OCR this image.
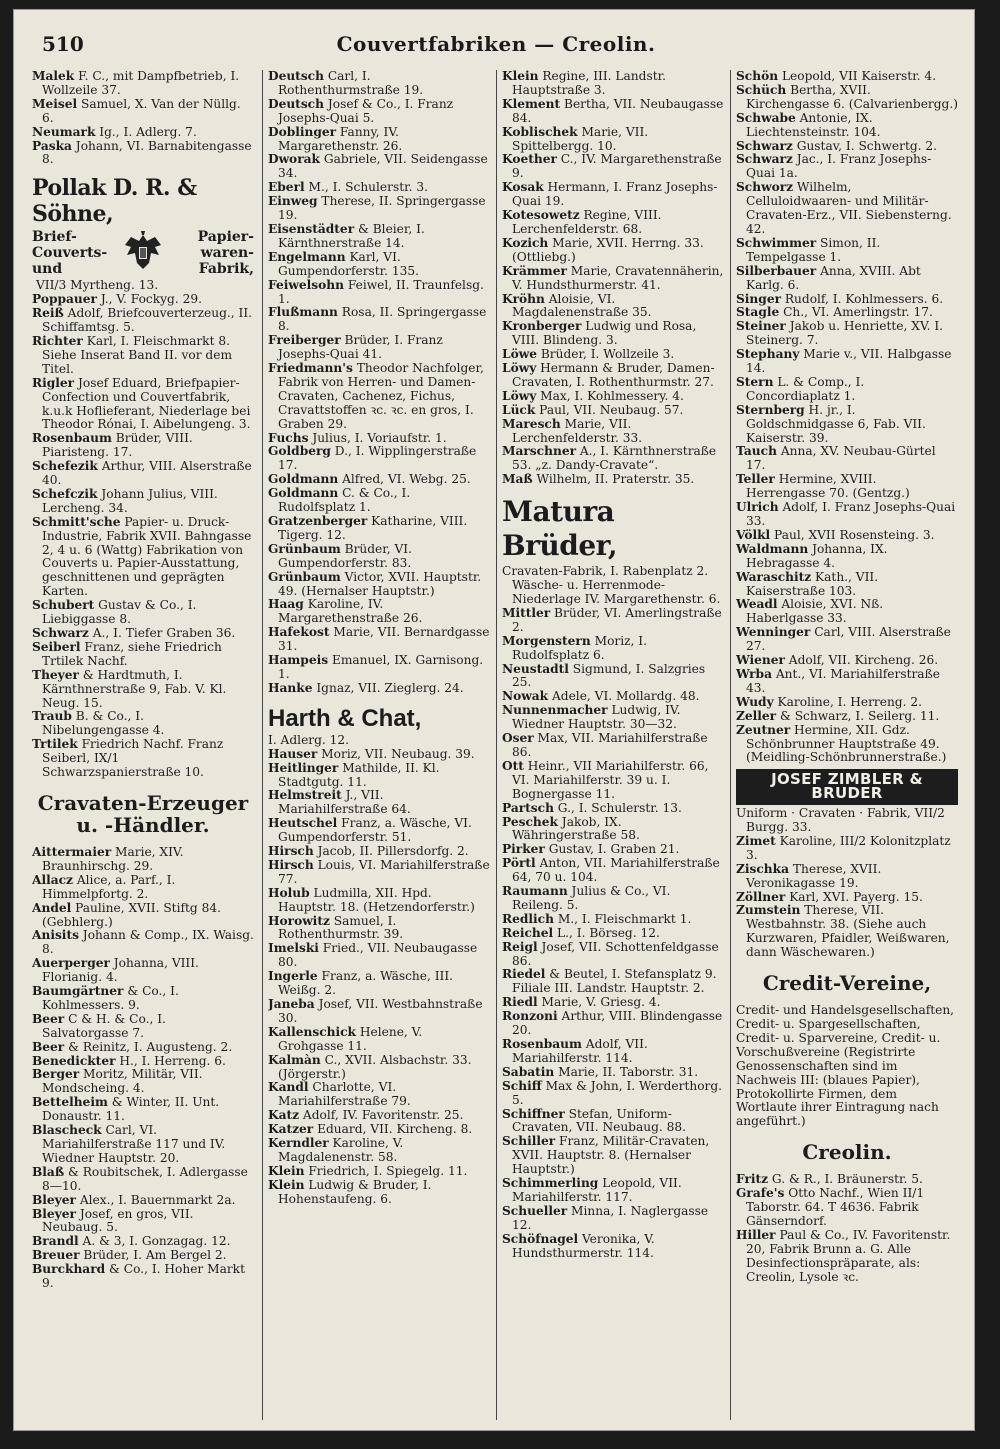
510	Couvertfabriken — Creolin.
Malek F. C., mit Dampfbetrieb, I. Wollzeile 37.
Meisel Samuel, X. Van der Nüllg. 6.
Neumark Ig., I. Adlerg. 7.
Paska Johann, VI. Barnabitengasse 8.
Pollak D. R. & Söhne,
Brief-
Couverts-
und
Papier-
waren-
Fabrik,
VII/3 Myrtheng. 13.
Poppauer J., V. Fockyg. 29.
Reiß Adolf, Briefcouverterzeug., II. Schiffamtsg. 5.
Richter Karl, I. Fleischmarkt 8. Siehe Inserat Band II. vor dem Titel.
Rigler Josef Eduard, Briefpapier-Confection und Couvertfabrik, k.u.k Hoflieferant, Niederlage bei Theodor Rónai, I. Aibelungeng. 3.
Rosenbaum Brüder, VIII. Piaristeng. 17.
Schefezik Arthur, VIII. Alserstraße 40.
Schefczik Johann Julius, VIII. Lercheng. 34.
Schmitt'sche Papier- u. Druck-Industrie, Fabrik XVII. Bahngasse 2, 4 u. 6 (Wattg) Fabrikation von Couverts u. Papier-Ausstattung, geschnittenen und geprägten Karten.
Schubert Gustav & Co., I. Liebiggasse 8.
Schwarz A., I. Tiefer Graben 36.
Seiberl Franz, siehe Friedrich Trtilek Nachf.
Theyer & Hardtmuth, I. Kärnthnerstraße 9, Fab. V. Kl. Neug. 15.
Traub B. & Co., I. Nibelungengasse 4.
Trtilek Friedrich Nachf. Franz Seiberl, IX/1 Schwarzspanierstraße 10.
Cravaten-Erzeuger u. -Händler.
Aittermaier Marie, XIV. Braunhirschg. 29.
Allacz Alice, a. Parf., I. Himmelpfortg. 2.
Andel Pauline, XVII. Stiftg 84. (Gebhlerg.)
Anisits Johann & Comp., IX. Waisg. 8.
Auerperger Johanna, VIII. Florianig. 4.
Baumgärtner & Co., I. Kohlmessers. 9.
Beer C & H. & Co., I. Salvatorgasse 7.
Beer & Reinitz, I. Augusteng. 2.
Benedickter H., I. Herreng. 6.
Berger Moritz, Militär, VII. Mondscheing. 4.
Bettelheim & Winter, II. Unt. Donaustr. 11.
Blascheck Carl, VI. Mariahilferstraße 117 und IV. Wiedner Hauptstr. 20.
Blaß & Roubitschek, I. Adlergasse 8—10.
Bleyer Alex., I. Bauernmarkt 2a.
Bleyer Josef, en gros, VII. Neubaug. 5.
Brandl A. & 3, I. Gonzagag. 12.
Breuer Brüder, I. Am Bergel 2.
Burckhard & Co., I. Hoher Markt 9.
Deutsch Carl, I. Rothenthurmstraße 19.
Deutsch Josef & Co., I. Franz Josephs-Quai 5.
Doblinger Fanny, IV. Margarethenstr. 26.
Dworak Gabriele, VII. Seidengasse 34.
Eberl M., I. Schulerstr. 3.
Einweg Therese, II. Springergasse 19.
Eisenstädter & Bleier, I. Kärnthnerstraße 14.
Engelmann Karl, VI. Gumpendorferstr. 135.
Feiwelsohn Feiwel, II. Traunfelsg. 1.
Flußmann Rosa, II. Springergasse 8.
Freiberger Brüder, I. Franz Josephs-Quai 41.
Friedmann's Theodor Nachfolger, Fabrik von Herren- und Damen-Cravaten, Cachenez, Fichus, Cravattstoffen ꝛc. ꝛc. en gros, I. Graben 29.
Fuchs Julius, I. Voriaufstr. 1.
Goldberg D., I. Wipplingerstraße 17.
Goldmann Alfred, VI. Webg. 25.
Goldmann C. & Co., I. Rudolfsplatz 1.
Gratzenberger Katharine, VIII. Tigerg. 12.
Grünbaum Brüder, VI. Gumpendorferstr. 83.
Grünbaum Victor, XVII. Hauptstr. 49. (Hernalser Hauptstr.)
Haag Karoline, IV. Margarethenstraße 26.
Hafekost Marie, VII. Bernardgasse 31.
Hampeis Emanuel, IX. Garnisong. 1.
Hanke Ignaz, VII. Zieglerg. 24.
Harth & Chat,
I. Adlerg. 12.
Hauser Moriz, VII. Neubaug. 39.
Heitlinger Mathilde, II. Kl. Stadtgutg. 11.
Helmstreit J., VII. Mariahilferstraße 64.
Heutschel Franz, a. Wäsche, VI. Gumpendorferstr. 51.
Hirsch Jacob, II. Pillersdorfg. 2.
Hirsch Louis, VI. Mariahilferstraße 77.
Holub Ludmilla, XII. Hpd. Hauptstr. 18. (Hetzendorferstr.)
Horowitz Samuel, I. Rothenthurmstr. 39.
Imelski Fried., VII. Neubaugasse 80.
Ingerle Franz, a. Wäsche, III. Weißg. 2.
Janeba Josef, VII. Westbahnstraße 30.
Kallenschick Helene, V. Grohgasse 11.
Kalmàn C., XVII. Alsbachstr. 33. (Jörgerstr.)
Kandl Charlotte, VI. Mariahilferstraße 79.
Katz Adolf, IV. Favoritenstr. 25.
Katzer Eduard, VII. Kircheng. 8.
Kerndler Karoline, V. Magdalenenstr. 58.
Klein Friedrich, I. Spiegelg. 11.
Klein Ludwig & Bruder, I. Hohenstaufeng. 6.
Klein Regine, III. Landstr. Hauptstraße 3.
Klement Bertha, VII. Neubaugasse 84.
Koblischek Marie, VII. Spittelbergg. 10.
Koether C., IV. Margarethenstraße 9.
Kosak Hermann, I. Franz Josephs-Quai 19.
Kotesowetz Regine, VIII. Lerchenfelderstr. 68.
Kozich Marie, XVII. Herrng. 33. (Ottliebg.)
Krämmer Marie, Cravatennäherin, V. Hundsthurmerstr. 41.
Kröhn Aloisie, VI. Magdalenenstraße 35.
Kronberger Ludwig und Rosa, VIII. Blindeng. 3.
Löwe Brüder, I. Wollzeile 3.
Löwy Hermann & Bruder, Damen-Cravaten, I. Rothenthurmstr. 27.
Löwy Max, I. Kohlmessery. 4.
Lück Paul, VII. Neubaug. 57.
Maresch Marie, VII. Lerchenfelderstr. 33.
Marschner A., I. Kärnthnerstraße 53. „z. Dandy-Cravate“.
Maß Wilhelm, II. Praterstr. 35.
Matura Brüder,
Cravaten-Fabrik, I. Rabenplatz 2. Wäsche- u. Herrenmode-Niederlage IV. Margarethenstr. 6.
Mittler Brüder, VI. Amerlingstraße 2.
Morgenstern Moriz, I. Rudolfsplatz 6.
Neustadtl Sigmund, I. Salzgries 25.
Nowak Adele, VI. Mollardg. 48.
Nunnenmacher Ludwig, IV. Wiedner Hauptstr. 30—32.
Oser Max, VII. Mariahilferstraße 86.
Ott Heinr., VII Mariahilferstr. 66, VI. Mariahilferstr. 39 u. I. Bognergasse 11.
Partsch G., I. Schulerstr. 13.
Peschek Jakob, IX. Währingerstraße 58.
Pirker Gustav, I. Graben 21.
Pörtl Anton, VII. Mariahilferstraße 64, 70 u. 104.
Raumann Julius & Co., VI. Reileng. 5.
Redlich M., I. Fleischmarkt 1.
Reichel L., I. Börseg. 12.
Reigl Josef, VII. Schottenfeldgasse 86.
Riedel & Beutel, I. Stefansplatz 9. Filiale III. Landstr. Hauptstr. 2.
Riedl Marie, V. Griesg. 4.
Ronzoni Arthur, VIII. Blindengasse 20.
Rosenbaum Adolf, VII. Mariahilferstr. 114.
Sabatin Marie, II. Taborstr. 31.
Schiff Max & John, I. Werderthorg. 5.
Schiffner Stefan, Uniform-Cravaten, VII. Neubaug. 88.
Schiller Franz, Militär-Cravaten, XVII. Hauptstr. 8. (Hernalser Hauptstr.)
Schimmerling Leopold, VII. Mariahilferstr. 117.
Schueller Minna, I. Naglergasse 12.
Schöfnagel Veronika, V. Hundsthurmerstr. 114.
Schön Leopold, VII Kaiserstr. 4.
Schüch Bertha, XVII. Kirchengasse 6. (Calvarienbergg.)
Schwabe Antonie, IX. Liechtensteinstr. 104.
Schwarz Gustav, I. Schwertg. 2.
Schwarz Jac., I. Franz Josephs-Quai 1a.
Schworz Wilhelm, Celluloidwaaren- und Militär-Cravaten-Erz., VII. Siebensterng. 42.
Schwimmer Simon, II. Tempelgasse 1.
Silberbauer Anna, XVIII. Abt Karlg. 6.
Singer Rudolf, I. Kohlmessers. 6.
Stagle Ch., VI. Amerlingstr. 17.
Steiner Jakob u. Henriette, XV. I. Steinerg. 7.
Stephany Marie v., VII. Halbgasse 14.
Stern L. & Comp., I. Concordiaplatz 1.
Sternberg H. jr., I. Goldschmidgasse 6, Fab. VII. Kaiserstr. 39.
Tauch Anna, XV. Neubau-Gürtel 17.
Teller Hermine, XVIII. Herrengasse 70. (Gentzg.)
Ulrich Adolf, I. Franz Josephs-Quai 33.
Völkl Paul, XVII Rosensteing. 3.
Waldmann Johanna, IX. Hebragasse 4.
Waraschitz Kath., VII. Kaiserstraße 103.
Weadl Aloisie, XVI. Nß. Haberlgasse 33.
Wenninger Carl, VIII. Alserstraße 27.
Wiener Adolf, VII. Kircheng. 26.
Wrba Ant., VI. Mariahilferstraße 43.
Wudy Karoline, I. Herreng. 2.
Zeller & Schwarz, I. Seilerg. 11.
Zeutner Hermine, XII. Gdz. Schönbrunner Hauptstraße 49. (Meidling-Schönbrunnerstraße.)
JOSEF ZIMBLER & BRUDER
Uniform · Cravaten · Fabrik, VII/2 Burgg. 33.
Zimet Karoline, III/2 Kolonitzplatz 3.
Zischka Therese, XVII. Veronikagasse 19.
Zöllner Karl, XVI. Payerg. 15.
Zumstein Therese, VII. Westbahnstr. 38. (Siehe auch Kurzwaren, Pfaidler, Weißwaren, dann Wäschewaren.)
Credit-Vereine,
Credit- und Handelsgesellschaften, Credit- u. Spargesellschaften, Credit- u. Sparvereine, Credit- u. Vorschußvereine (Registrirte Genossenschaften sind im Nachweis III: (blaues Papier), Protokollirte Firmen, dem Wortlaute ihrer Eintragung nach angeführt.)
Creolin.
Fritz G. & R., I. Bräunerstr. 5.
Grafe's Otto Nachf., Wien II/1 Taborstr. 64. T 4636. Fabrik Gänserndorf.
Hiller Paul & Co., IV. Favoritenstr. 20, Fabrik Brunn a. G. Alle Desinfectionspräparate, als: Creolin, Lysole ꝛc.
